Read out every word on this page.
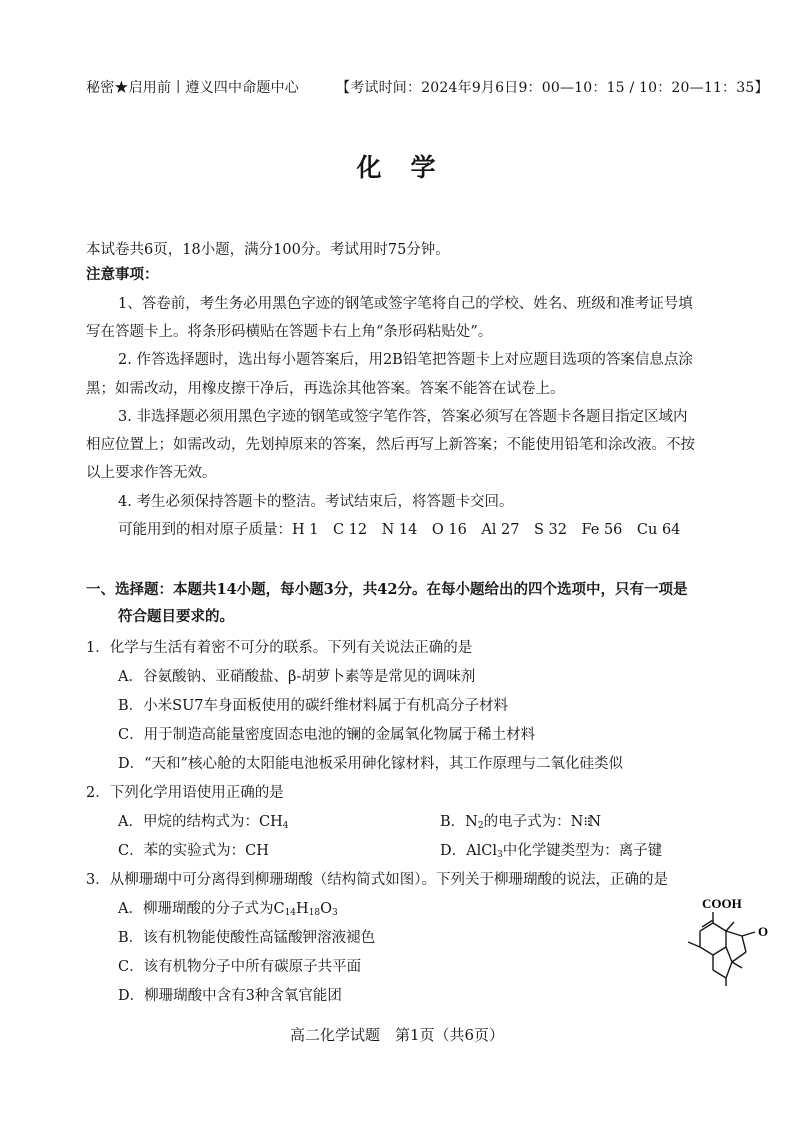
秘密★启用前丨遵义四中命题中心	【考试时间：2024年9月6日9：00—10：15 / 10：20—11：35】
化　学
本试卷共6页，18小题，满分100分。考试用时75分钟。
注意事项：
1、答卷前，考生务必用黑色字迹的钢笔或签字笔将自己的学校、姓名、班级和准考证号填
写在答题卡上。将条形码横贴在答题卡右上角“条形码粘贴处”。
2. 作答选择题时，选出每小题答案后，用2B铅笔把答题卡上对应题目选项的答案信息点涂
黑；如需改动，用橡皮擦干净后，再选涂其他答案。答案不能答在试卷上。
3. 非选择题必须用黑色字迹的钢笔或签字笔作答，答案必须写在答题卡各题目指定区域内
相应位置上；如需改动，先划掉原来的答案，然后再写上新答案；不能使用铅笔和涂改液。不按
以上要求作答无效。
4. 考生必须保持答题卡的整洁。考试结束后，将答题卡交回。
可能用到的相对原子质量：H 1　C 12　N 14　O 16　Al 27　S 32　Fe 56　Cu 64
一、选择题：本题共14小题，每小题3分，共42分。在每小题给出的四个选项中，只有一项是
符合题目要求的。
1．化学与生活有着密不可分的联系。下列有关说法正确的是
A．谷氨酸钠、亚硝酸盐、β-胡萝卜素等是常见的调味剂
B．小米SU7车身面板使用的碳纤维材料属于有机高分子材料
C．用于制造高能量密度固态电池的镧的金属氧化物属于稀土材料
D．“天和”核心舱的太阳能电池板采用砷化镓材料，其工作原理与二氧化硅类似
2．下列化学用语使用正确的是
A．甲烷的结构式为：$CH_4$	B．$N_2$的电子式为：N⠿N
C．苯的实验式为：CH	D．AlCl$_3$中化学键类型为：离子键
3．从柳珊瑚中可分离得到柳珊瑚酸（结构简式如图）。下列关于柳珊瑚酸的说法，正确的是
A．柳珊瑚酸的分子式为$C_{14}H_{18}O_3$
B．该有机物能使酸性高锰酸钾溶液褪色
C．该有机物分子中所有碳原子共平面
D．柳珊瑚酸中含有3种含氧官能团
COOH
O
高二化学试题　第1页（共6页）
